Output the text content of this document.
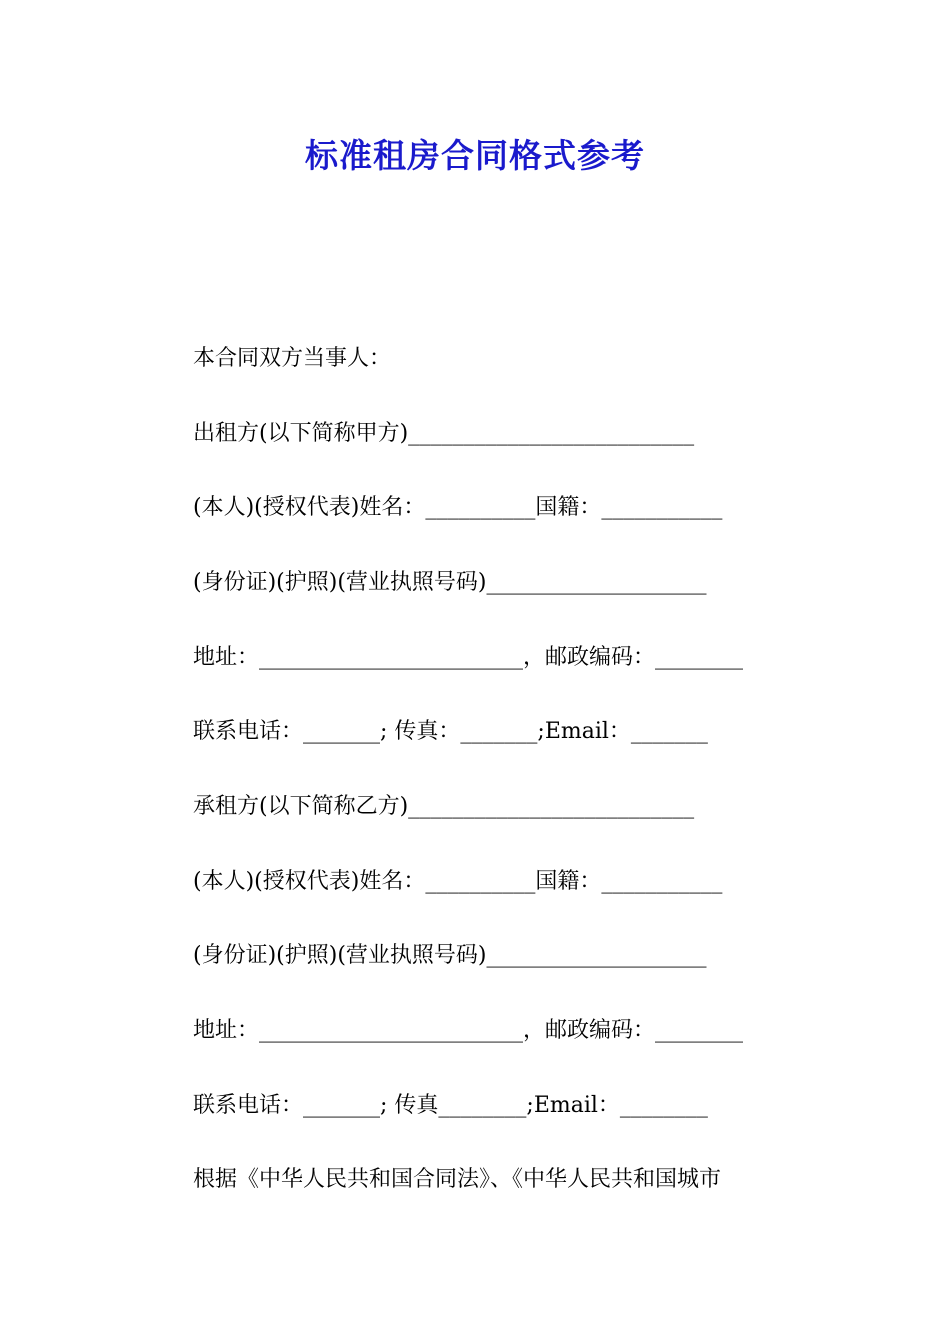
标准租房合同格式参考

本合同双方当事人：

出租方(以下简称甲方)__________________________

(本人)(授权代表)姓名：__________国籍：___________

(身份证)(护照)(营业执照号码)____________________

地址：________________________，邮政编码：________

联系电话：_______; 传真：_______;Email：_______

承租方(以下简称乙方)__________________________

(本人)(授权代表)姓名：__________国籍：___________

(身份证)(护照)(营业执照号码)____________________

地址：________________________，邮政编码：________

联系电话：_______; 传真________;Email：________

根据《中华人民共和国合同法》、《中华人民共和国城市
